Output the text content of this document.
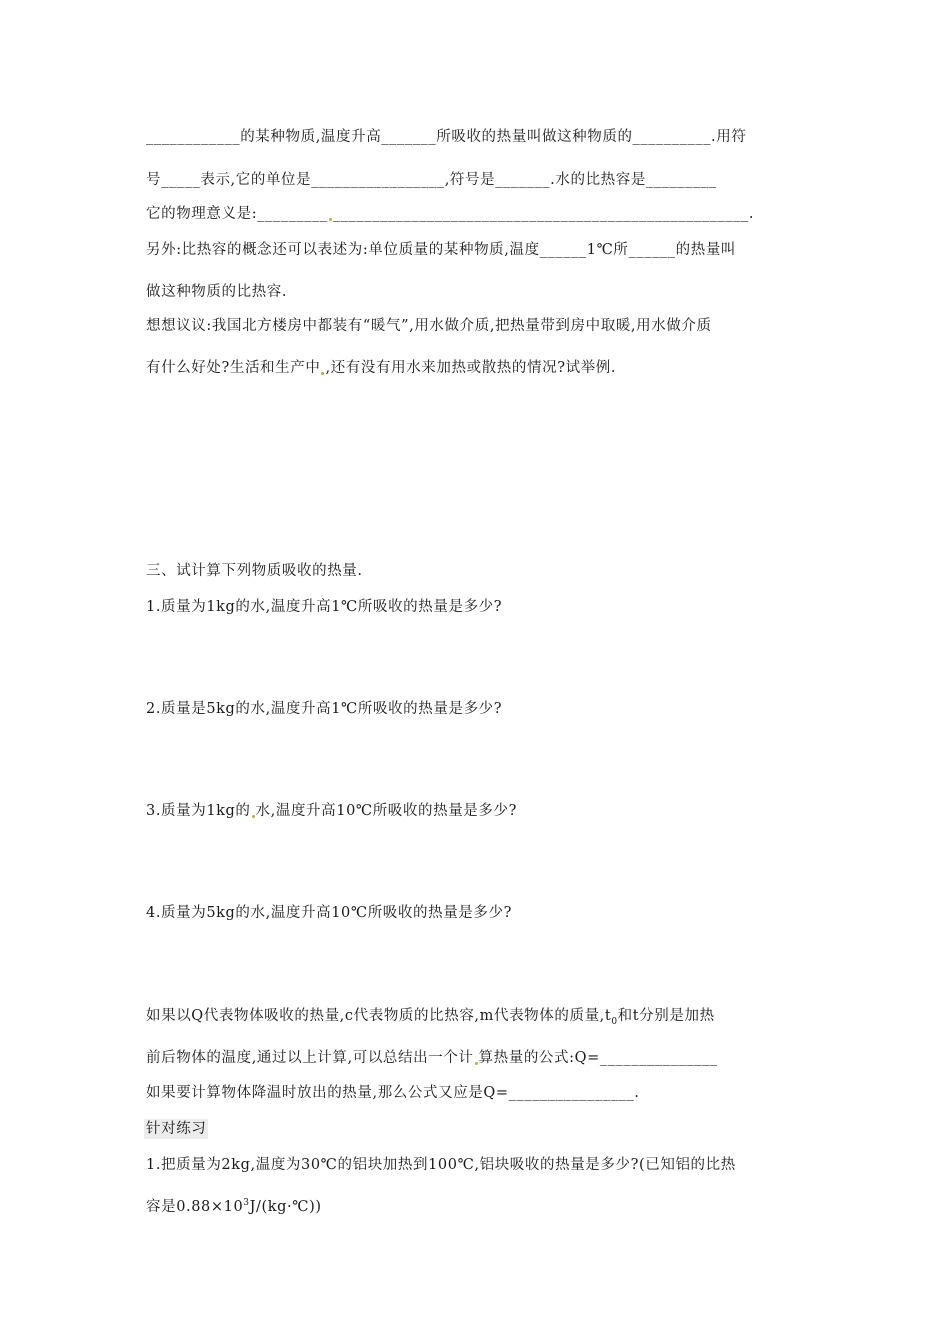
____________的某种物质,温度升高_______所吸收的热量叫做这种物质的__________.用符
号_____表示,它的单位是_________________,符号是_______.水的比热容是_________
它的物理意义是:_________ _____________________________________________________.
另外:比热容的概念还可以表述为:单位质量的某种物质,温度______1℃所______的热量叫
做这种物质的比热容.
想想议议:我国北方楼房中都装有“暖气”,用水做介质,把热量带到房中取暖,用水做介质
有什么好处?生活和生产中 ,还有没有用水来加热或散热的情况?试举例.
三、试计算下列物质吸收的热量.
1.质量为1kg的水,温度升高1℃所吸收的热量是多少?
2.质量是5kg的水,温度升高1℃所吸收的热量是多少?
3.质量为1kg的 水,温度升高10℃所吸收的热量是多少?
4.质量为5kg的水,温度升高10℃所吸收的热量是多少?
如果以Q代表物体吸收的热量,c代表物质的比热容,m代表物体的质量$,t_0$和t分别是加热
前后物体的温度,通过以上计算,可以总结出一个计 算热量的公式:Q=_______________
如果要计算物体降温时放出的热量,那么公式又应是Q=________________.
针对练习
1.把质量为2kg,温度为30℃的铝块加热到100℃,铝块吸收的热量是多少?(已知铝的比热
容是$0.88\times 10^3J/(kg\cdot℃)$)
